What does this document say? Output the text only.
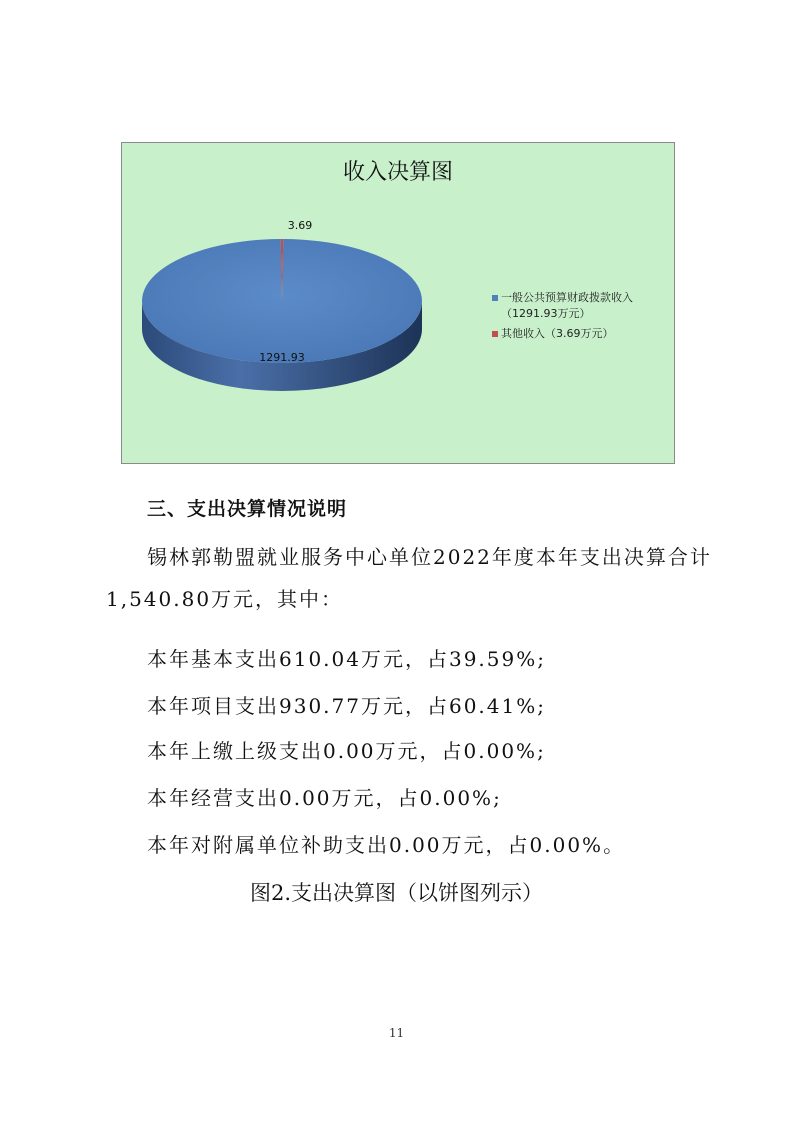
收入决算图
1291.93
3.69
一般公共预算财政拨款收入
（1291.93万元）
其他收入（3.69万元）
三、支出决算情况说明
锡林郭勒盟就业服务中心单位2022年度本年支出决算合计
1,540.80万元，其中：
本年基本支出610.04万元，占39.59%;
本年项目支出930.77万元，占60.41%;
本年上缴上级支出0.00万元，占0.00%;
本年经营支出0.00万元，占0.00%;
本年对附属单位补助支出0.00万元，占0.00%。
图2.支出决算图（以饼图列示）
11
